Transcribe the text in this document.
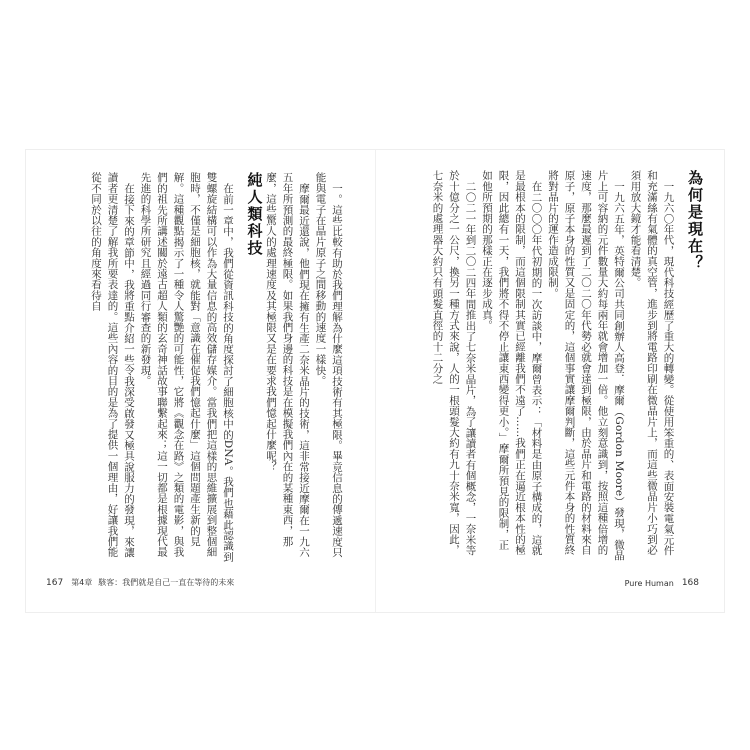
一。這些比較有助於我們理解為什麼這項技術有其極限。畢竟信息的傳遞速度只能與電子在晶片原子之間移動的速度一樣快。

摩爾最近還說，他們現在擁有生產二奈米晶片的技術，這非常接近摩爾在一九六五年所預測的最終極限。如果我們身邊的科技是在模擬我們內在的某種東西，那麼，這些驚人的處理速度及其極限又是在要求我們憶起什麼呢？

純人類科技

在前一章中，我們從資訊科技的角度探討了細胞核中的DNA。我們也藉此認識到雙螺旋結構可以作為大量信息的高效儲存媒介。當我們把這樣的思維擴展到整個細胞時，不僅是細胞核，就能對「意識在催促我們憶起什麼」這個問題產生新的見解。這種觀點揭示了一種令人驚艷的可能性，它將《觀念在路》之類的電影，與我們的祖先所講述關於遠古超人類的玄奇神話故事聯繫起來；這一切都是根據現代最先進的科學所研究且經過同行審查的新發現。

在接下來的章節中，我將重點介紹一些令我深受啟發又極具說服力的發現，來讓讀者更清楚了解我所要表達的。這些內容的目的是為了提供一個理由，好讓我們能從不同於以往的角度來看待自

167 第4章 駭客：我們就是自己一直在等待的未來
為何是現在？

一九六〇年代，現代科技經歷了重大的轉變。從使用笨重的、表面安裝電氣元件和充滿絲有氣體的真空管，進步到將電路印刷在微晶片上，而這些微晶片小巧到必須用放大鏡才能看清楚。

一九六五年，英特爾公司共同創辦人高登．摩爾（Gordon Moore）發現，微晶片上可容納的元件數量大約每兩年就會增加一倍。他立刻意識到，按照這種倍增的速度，那麼最遲到了二〇二〇年代勢必就會達到極限，由於晶片和電路的材料來自原子，原子本身的性質又是固定的，這個事實讓摩爾判斷，這些元件本身的性質終將對晶片的運作造成限制。

在二〇〇〇年代初期的一次訪談中，摩爾曾表示：「材料是由原子構成的，這就是最根本的限制，而這個限制其實已經離我們不遠了……我們正在逼近根本性的極限，因此總有一天，我們將不得不停止讓東西變得更小。」摩爾所預見的限制，正如他所預期的那樣正在逐步成真。

二〇二一年到二〇二四年間推出了七奈米晶片，為了讓讀者有個概念，一奈米等於十億分之一公尺，換另一種方式來說，人的一根頭髮大約有九十奈米寬，因此，七奈米的處理器大約只有頭髮直徑的十二分之

Pure Human 168
